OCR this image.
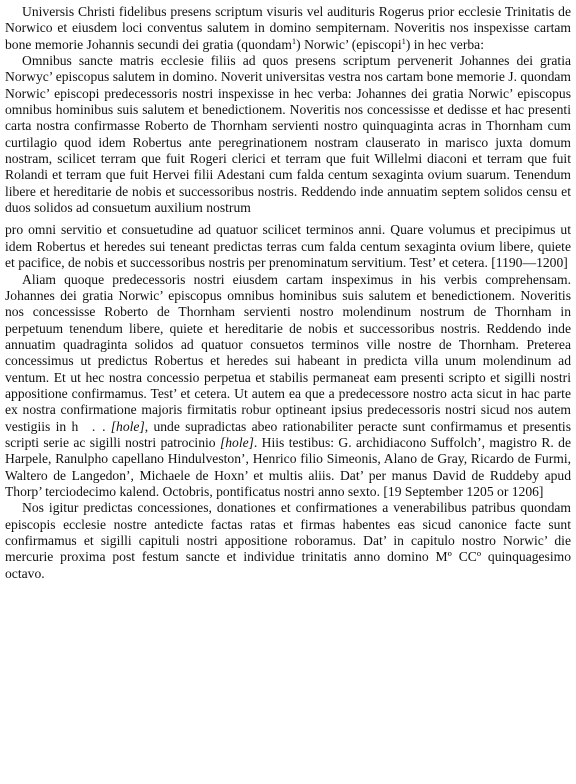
Universis Christi fidelibus presens scriptum visuris vel audituris Rogerus prior ecclesie Trinitatis de Norwico et eiusdem loci conventus salutem in domino sempiternam. Noveritis nos inspexisse cartam bone memorie Johannis secundi dei gratia (quondam$^1$) Norwic’ (episcopi$^1$) in hec verba:

Omnibus sancte matris ecclesie filiis ad quos presens scriptum pervenerit Johannes dei gratia Norwyc’ episcopus salutem in domino. Noverit universitas vestra nos cartam bone memorie J. quondam Norwic’ episcopi predecessoris nostri inspexisse in hec verba: Johannes dei gratia Norwic’ episcopus omnibus hominibus suis salutem et benedictionem. Noveritis nos concessisse et dedisse et hac presenti carta nostra confirmasse Roberto de Thornham servienti nostro quinquaginta acras in Thornham cum curtilagio quod idem Robertus ante peregrinationem nostram clauserato in marisco juxta domum nostram, scilicet terram que fuit Rogeri clerici et terram que fuit Willelmi diaconi et terram que fuit Rolandi et terram que fuit Hervei filii Adestani cum falda centum sexaginta ovium suarum. Tenendum libere et hereditarie de nobis et successoribus nostris. Reddendo inde annuatim septem solidos censu et duos solidos ad consuetum auxilium nostrum

pro omni servitio et consuetudine ad quatuor scilicet terminos anni. Quare volumus et precipimus ut idem Robertus et heredes sui teneant predictas terras cum falda centum sexaginta ovium libere, quiete et pacifice, de nobis et successoribus nostris per prenominatum servitium. Test’ et cetera. [1190—1200]

Aliam quoque predecessoris nostri eiusdem cartam inspeximus in his verbis comprehensam. Johannes dei gratia Norwic’ episcopus omnibus hominibus suis salutem et benedictionem. Noveritis nos concessisse Roberto de Thornham servienti nostro molendinum nostrum de Thornham in perpetuum tenendum libere, quiete et hereditarie de nobis et successoribus nostris. Reddendo inde annuatim quadraginta solidos ad quatuor consuetos terminos ville nostre de Thornham. Preterea concessimus ut predictus Robertus et heredes sui habeant in predicta villa unum molendinum ad ventum. Et ut hec nostra concessio perpetua et stabilis permaneat eam presenti scripto et sigilli nostri appositione confirmamus. Test’ et cetera. Ut autem ea que a predecessore nostro acta sicut in hac parte ex nostra confirmatione majoris firmitatis robur optineant ipsius predecessoris nostri sicud nos autem vestigiis in h . . [hole], unde supradictas abeo rationabiliter peracte sunt confirmamus et presentis scripti serie ac sigilli nostri patrocinio [hole]. Hiis testibus: G. archidiacono Suffolch’, magistro R. de Harpele, Ranulpho capellano Hindulveston’, Henrico filio Simeonis, Alano de Gray, Ricardo de Furmi, Waltero de Langedon’, Michaele de Hoxn’ et multis aliis. Dat’ per manus David de Ruddeby apud Thorp’ terciodecimo kalend. Octobris, pontificatus nostri anno sexto. [19 September 1205 or 1206]

Nos igitur predictas concessiones, donationes et confirmationes a venerabilibus patribus quondam episcopis ecclesie nostre antedicte factas ratas et firmas habentes eas sicud canonice facte sunt confirmamus et sigilli capituli nostri appositione roboramus. Dat’ in capitulo nostro Norwic’ die mercurie proxima post festum sancte et individue trinitatis anno domino Mº CCº quinquagesimo octavo.
